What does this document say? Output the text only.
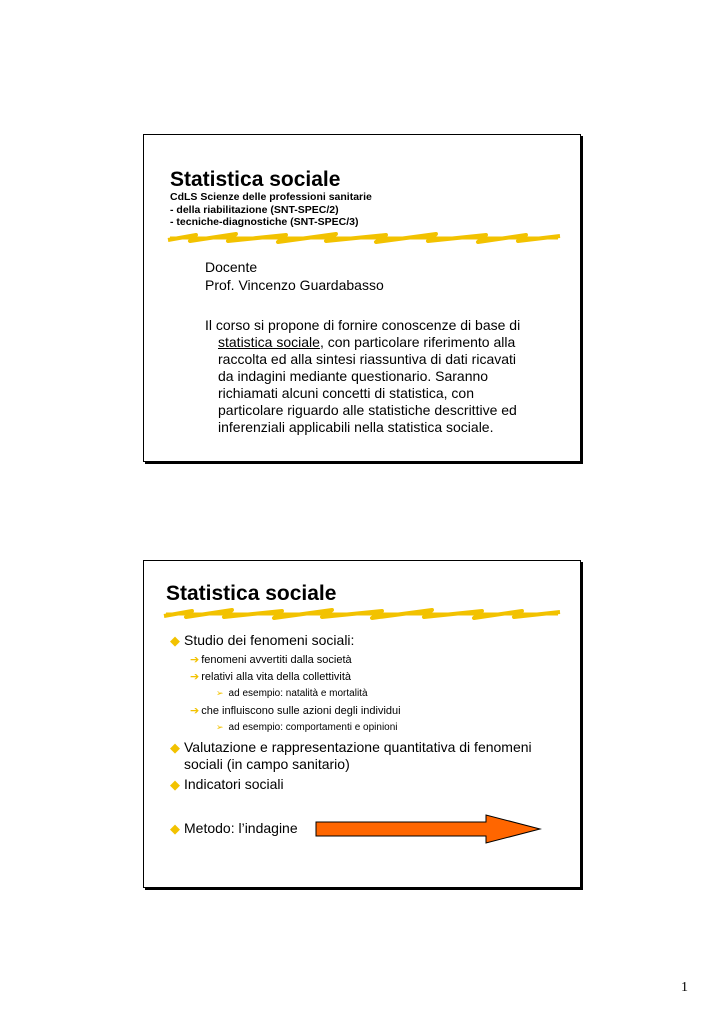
Statistica sociale
CdLS Scienze delle professioni sanitarie
- della riabilitazione (SNT-SPEC/2)
- tecniche-diagnostiche (SNT-SPEC/3)
Docente
Prof. Vincenzo Guardabasso
Il corso si propone di fornire conoscenze di base di
statistica sociale, con particolare riferimento alla
raccolta ed alla sintesi riassuntiva di dati ricavati
da indagini mediante questionario. Saranno
richiamati alcuni concetti di statistica, con
particolare riguardo alle statistiche descrittive ed
inferenziali applicabili nella statistica sociale.
Statistica sociale
◆ Studio dei fenomeni sociali:
➔ fenomeni avvertiti dalla società
➔ relativi alla vita della collettività
➢ ad esempio: natalità e mortalità
➔ che influiscono sulle azioni degli individui
➢ ad esempio: comportamenti e opinioni
◆ Valutazione e rappresentazione quantitativa di fenomeni
sociali (in campo sanitario)
◆ Indicatori sociali
◆ Metodo: l’indagine
1
